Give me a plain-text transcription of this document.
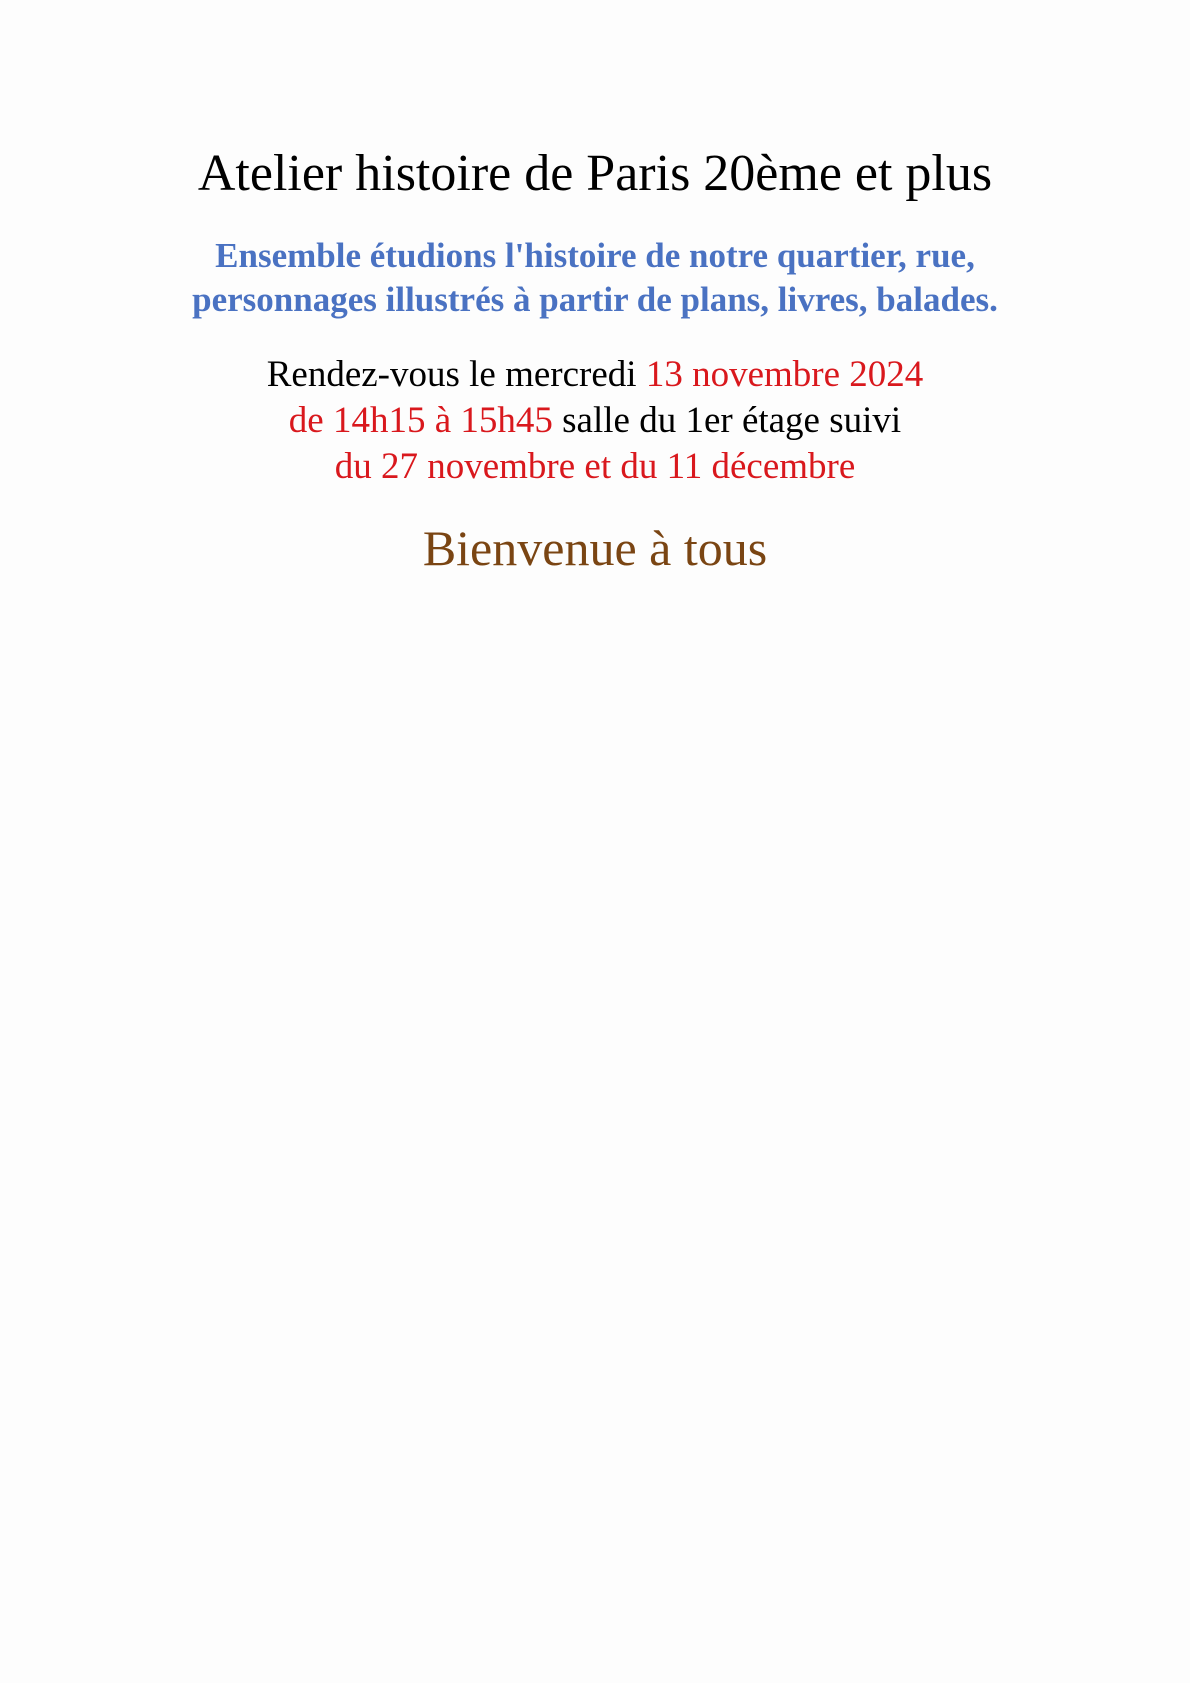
Atelier histoire de Paris 20ème et plus
Ensemble étudions l'histoire de notre quartier, rue,
personnages illustrés à partir de plans, livres, balades.
Rendez-vous le mercredi 13 novembre 2024
de 14h15 à 15h45 salle du 1er étage suivi
du 27 novembre et du 11 décembre
Bienvenue à tous
